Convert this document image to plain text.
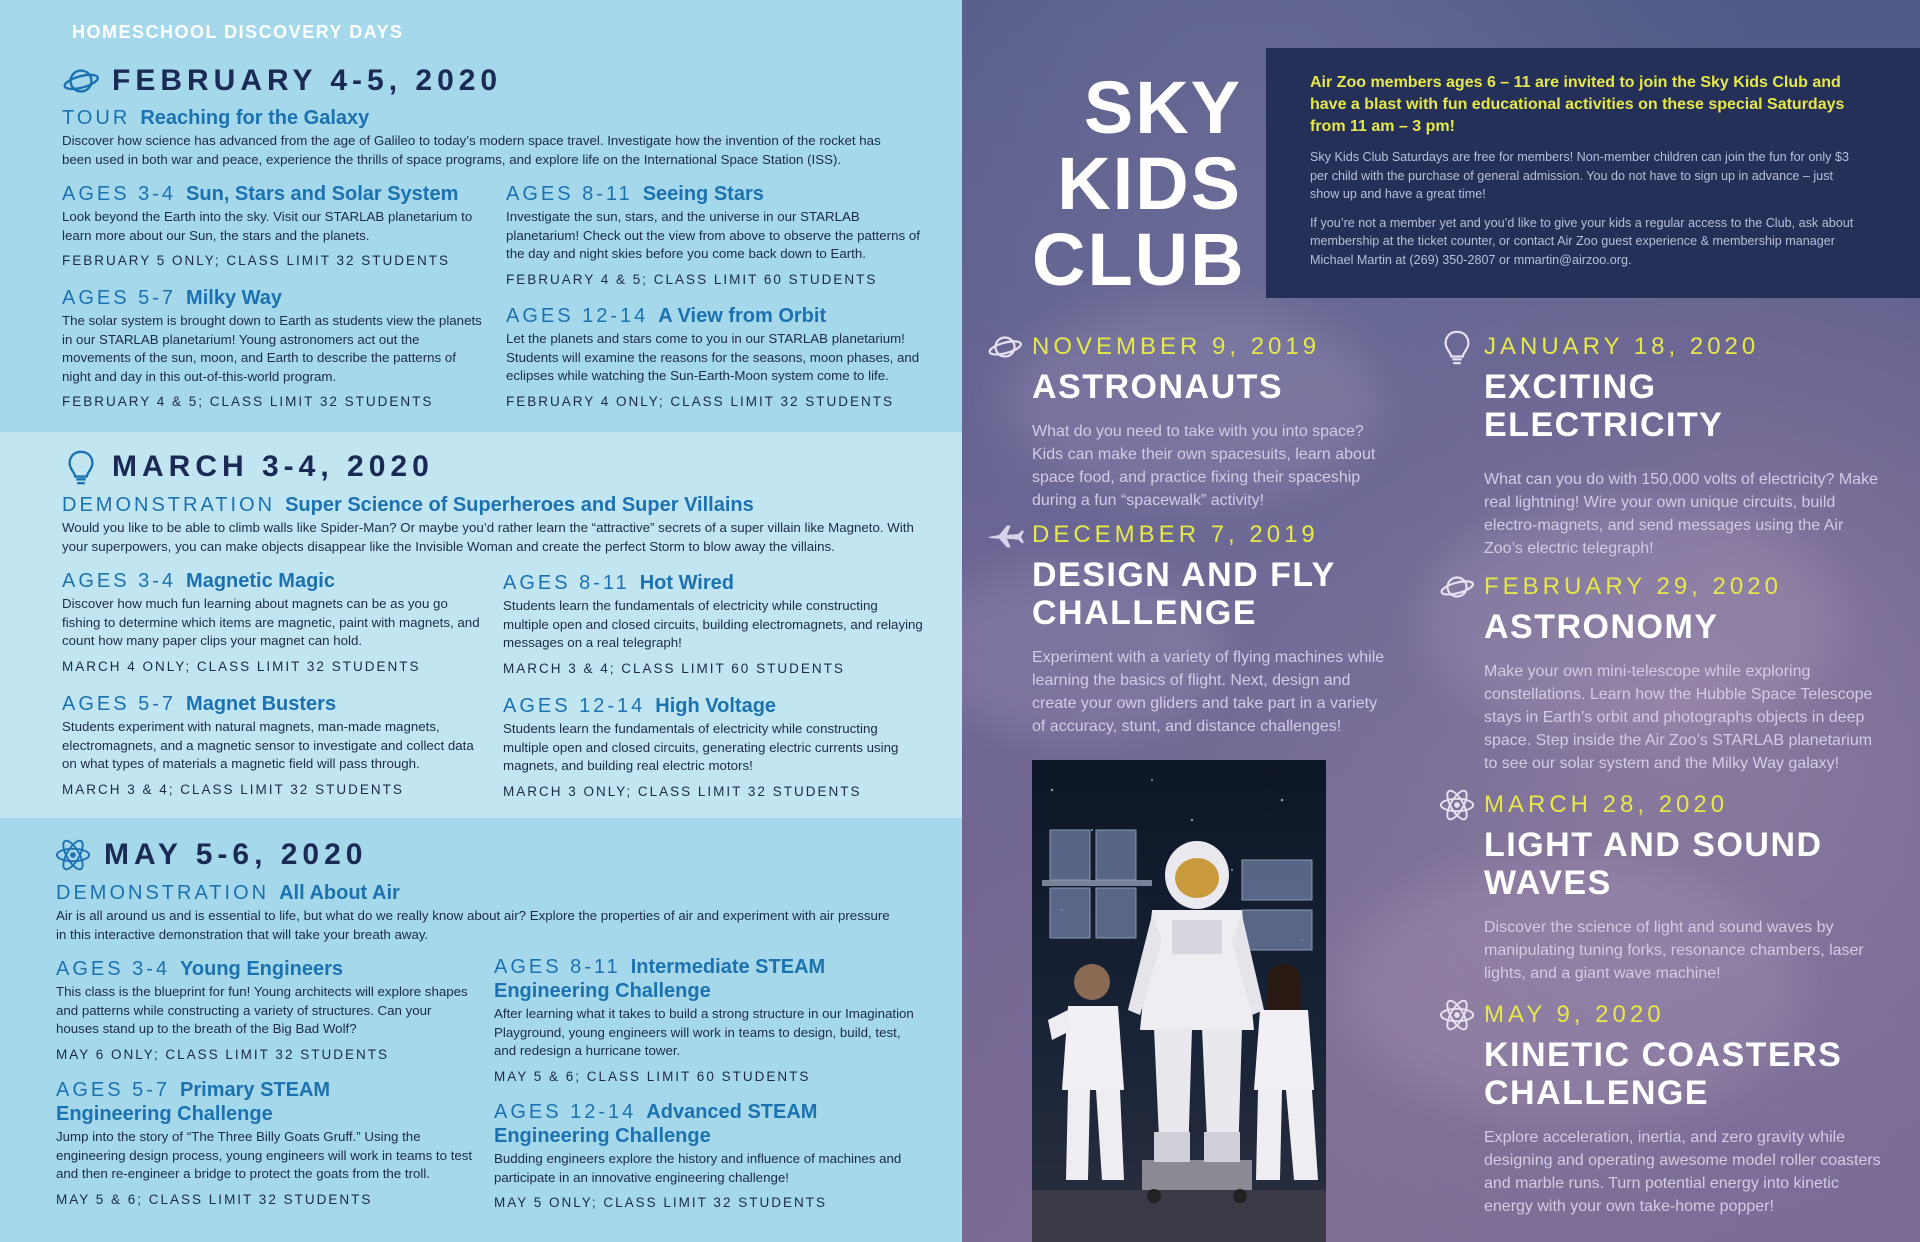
HOMESCHOOL DISCOVERY DAYS
FEBRUARY 4-5, 2020
TOUR Reaching for the Galaxy
Discover how science has advanced from the age of Galileo to today’s modern space travel. Investigate how the invention of the rocket has been used in both war and peace, experience the thrills of space programs, and explore life on the International Space Station (ISS).
AGES 3-4 Sun, Stars and Solar System
Look beyond the Earth into the sky. Visit our STARLAB planetarium to learn more about our Sun, the stars and the planets.
FEBRUARY 5 ONLY; CLASS LIMIT 32 STUDENTS
AGES 8-11 Seeing Stars
Investigate the sun, stars, and the universe in our STARLAB planetarium! Check out the view from above to observe the patterns of the day and night skies before you come back down to Earth.
FEBRUARY 4 & 5; CLASS LIMIT 60 STUDENTS
AGES 5-7 Milky Way
The solar system is brought down to Earth as students view the planets in our STARLAB planetarium! Young astronomers act out the movements of the sun, moon, and Earth to describe the patterns of night and day in this out-of-this-world program.
FEBRUARY 4 & 5; CLASS LIMIT 32 STUDENTS
AGES 12-14 A View from Orbit
Let the planets and stars come to you in our STARLAB planetarium! Students will examine the reasons for the seasons, moon phases, and eclipses while watching the Sun-Earth-Moon system come to life.
FEBRUARY 4 ONLY; CLASS LIMIT 32 STUDENTS
MARCH 3-4, 2020
DEMONSTRATION Super Science of Superheroes and Super Villains
Would you like to be able to climb walls like Spider-Man? Or maybe you’d rather learn the “attractive” secrets of a super villain like Magneto. With your superpowers, you can make objects disappear like the Invisible Woman and create the perfect Storm to blow away the villains.
AGES 3-4 Magnetic Magic
Discover how much fun learning about magnets can be as you go fishing to determine which items are magnetic, paint with magnets, and count how many paper clips your magnet can hold.
MARCH 4 ONLY; CLASS LIMIT 32 STUDENTS
AGES 8-11 Hot Wired
Students learn the fundamentals of electricity while constructing multiple open and closed circuits, building electromagnets, and relaying messages on a real telegraph!
MARCH 3 & 4; CLASS LIMIT 60 STUDENTS
AGES 5-7 Magnet Busters
Students experiment with natural magnets, man-made magnets, electromagnets, and a magnetic sensor to investigate and collect data on what types of materials a magnetic field will pass through.
MARCH 3 & 4; CLASS LIMIT 32 STUDENTS
AGES 12-14 High Voltage
Students learn the fundamentals of electricity while constructing multiple open and closed circuits, generating electric currents using magnets, and building real electric motors!
MARCH 3 ONLY; CLASS LIMIT 32 STUDENTS
MAY 5-6, 2020
DEMONSTRATION All About Air
Air is all around us and is essential to life, but what do we really know about air? Explore the properties of air and experiment with air pressure in this interactive demonstration that will take your breath away.
AGES 3-4 Young Engineers
This class is the blueprint for fun! Young architects will explore shapes and patterns while constructing a variety of structures. Can your houses stand up to the breath of the Big Bad Wolf?
MAY 6 ONLY; CLASS LIMIT 32 STUDENTS
AGES 8-11 Intermediate STEAM
Engineering Challenge
After learning what it takes to build a strong structure in our Imagination Playground, young engineers will work in teams to design, build, test, and redesign a hurricane tower.
MAY 5 & 6; CLASS LIMIT 60 STUDENTS
AGES 5-7 Primary STEAM
Engineering Challenge
Jump into the story of “The Three Billy Goats Gruff.” Using the engineering design process, young engineers will work in teams to test and then re-engineer a bridge to protect the goats from the troll.
MAY 5 & 6; CLASS LIMIT 32 STUDENTS
AGES 12-14 Advanced STEAM
Engineering Challenge
Budding engineers explore the history and influence of machines and participate in an innovative engineering challenge!
MAY 5 ONLY; CLASS LIMIT 32 STUDENTS
SKY
KIDS
CLUB
Air Zoo members ages 6 – 11 are invited to join the Sky Kids Club and have a blast with fun educational activities on these special Saturdays from 11 am – 3 pm!
Sky Kids Club Saturdays are free for members! Non-member children can join the fun for only $3 per child with the purchase of general admission. You do not have to sign up in advance – just show up and have a great time!
If you’re not a member yet and you’d like to give your kids a regular access to the Club, ask about membership at the ticket counter, or contact Air Zoo guest experience & membership manager Michael Martin at (269) 350-2807 or mmartin@airzoo.org.
NOVEMBER 9, 2019
ASTRONAUTS
What do you need to take with you into space? Kids can make their own spacesuits, learn about space food, and practice fixing their spaceship during a fun “spacewalk” activity!
DECEMBER 7, 2019
DESIGN AND FLY CHALLENGE
Experiment with a variety of flying machines while learning the basics of flight. Next, design and create your own gliders and take part in a variety of accuracy, stunt, and distance challenges!
JANUARY 18, 2020
EXCITING ELECTRICITY
What can you do with 150,000 volts of electricity? Make real lightning! Wire your own unique circuits, build electro-magnets, and send messages using the Air Zoo’s electric telegraph!
FEBRUARY 29, 2020
ASTRONOMY
Make your own mini-telescope while exploring constellations. Learn how the Hubble Space Telescope stays in Earth’s orbit and photographs objects in deep space. Step inside the Air Zoo’s STARLAB planetarium to see our solar system and the Milky Way galaxy!
MARCH 28, 2020
LIGHT AND SOUND WAVES
Discover the science of light and sound waves by manipulating tuning forks, resonance chambers, laser lights, and a giant wave machine!
MAY 9, 2020
KINETIC COASTERS CHALLENGE
Explore acceleration, inertia, and zero gravity while designing and operating awesome model roller coasters and marble runs. Turn potential energy into kinetic energy with your own take-home popper!
